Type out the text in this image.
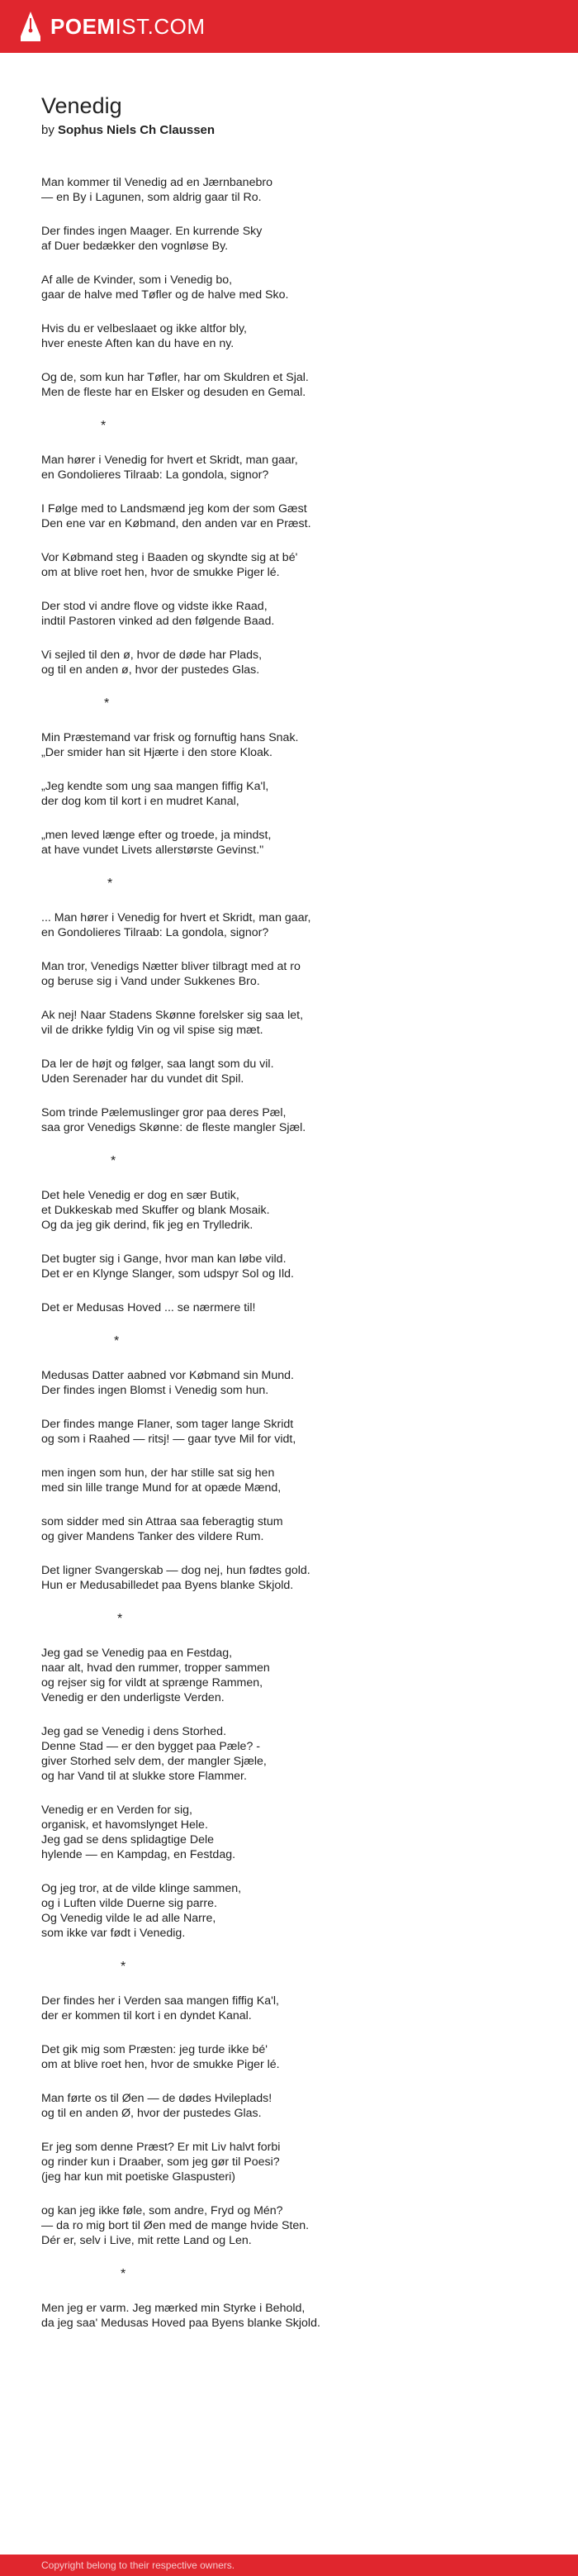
POEMIST.COM
Venedig
by Sophus Niels Ch Claussen

Man kommer til Venedig ad en Jærnbanebro
— en By i Lagunen, som aldrig gaar til Ro.

Der findes ingen Maager. En kurrende Sky
af Duer bedækker den vognløse By.

Af alle de Kvinder, som i Venedig bo,
gaar de halve med Tøfler og de halve med Sko.

Hvis du er velbeslaaet og ikke altfor bly,
hver eneste Aften kan du have en ny.

Og de, som kun har Tøfler, har om Skuldren et Sjal.
Men de fleste har en Elsker og desuden en Gemal.

*

Man hører i Venedig for hvert et Skridt, man gaar,
en Gondolieres Tilraab: La gondola, signor?

I Følge med to Landsmænd jeg kom der som Gæst
Den ene var en Købmand, den anden var en Præst.

Vor Købmand steg i Baaden og skyndte sig at bé'
om at blive roet hen, hvor de smukke Piger lé.

Der stod vi andre flove og vidste ikke Raad,
indtil Pastoren vinked ad den følgende Baad.

Vi sejled til den ø, hvor de døde har Plads,
og til en anden ø, hvor der pustedes Glas.

*

Min Præstemand var frisk og fornuftig hans Snak.
„Der smider han sit Hjærte i den store Kloak.

„Jeg kendte som ung saa mangen fiffig Ka'l,
der dog kom til kort i en mudret Kanal,

„men leved længe efter og troede, ja mindst,
at have vundet Livets allerstørste Gevinst."

*

... Man hører i Venedig for hvert et Skridt, man gaar,
en Gondolieres Tilraab: La gondola, signor?

Man tror, Venedigs Nætter bliver tilbragt med at ro
og beruse sig i Vand under Sukkenes Bro.

Ak nej! Naar Stadens Skønne forelsker sig saa let,
vil de drikke fyldig Vin og vil spise sig mæt.

Da ler de højt og følger, saa langt som du vil.
Uden Serenader har du vundet dit Spil.

Som trinde Pælemuslinger gror paa deres Pæl,
saa gror Venedigs Skønne: de fleste mangler Sjæl.

*

Det hele Venedig er dog en sær Butik,
et Dukkeskab med Skuffer og blank Mosaik.
Og da jeg gik derind, fik jeg en Trylledrik.

Det bugter sig i Gange, hvor man kan løbe vild.
Det er en Klynge Slanger, som udspyr Sol og Ild.

Det er Medusas Hoved ... se nærmere til!

*

Medusas Datter aabned vor Købmand sin Mund.
Der findes ingen Blomst i Venedig som hun.

Der findes mange Flaner, som tager lange Skridt
og som i Raahed — ritsj! — gaar tyve Mil for vidt,

men ingen som hun, der har stille sat sig hen
med sin lille trange Mund for at opæde Mænd,

som sidder med sin Attraa saa feberagtig stum
og giver Mandens Tanker des vildere Rum.

Det ligner Svangerskab — dog nej, hun fødtes gold.
Hun er Medusabilledet paa Byens blanke Skjold.

*

Jeg gad se Venedig paa en Festdag,
naar alt, hvad den rummer, tropper sammen
og rejser sig for vildt at sprænge Rammen,
Venedig er den underligste Verden.

Jeg gad se Venedig i dens Storhed.
Denne Stad — er den bygget paa Pæle? -
giver Storhed selv dem, der mangler Sjæle,
og har Vand til at slukke store Flammer.

Venedig er en Verden for sig,
organisk, et havomslynget Hele.
Jeg gad se dens splidagtige Dele
hylende — en Kampdag, en Festdag.

Og jeg tror, at de vilde klinge sammen,
og i Luften vilde Duerne sig parre.
Og Venedig vilde le ad alle Narre,
som ikke var født i Venedig.

*

Der findes her i Verden saa mangen fiffig Ka'l,
der er kommen til kort i en dyndet Kanal.

Det gik mig som Præsten: jeg turde ikke bé'
om at blive roet hen, hvor de smukke Piger lé.

Man førte os til Øen — de dødes Hvileplads!
og til en anden Ø, hvor der pustedes Glas.

Er jeg som denne Præst? Er mit Liv halvt forbi
og rinder kun i Draaber, som jeg gør til Poesi?
(jeg har kun mit poetiske Glaspusteri)

og kan jeg ikke føle, som andre, Fryd og Mén?
— da ro mig bort til Øen med de mange hvide Sten.
Dér er, selv i Live, mit rette Land og Len.

*

Men jeg er varm. Jeg mærked min Styrke i Behold,
da jeg saa' Medusas Hoved paa Byens blanke Skjold.

Copyright belong to their respective owners.
